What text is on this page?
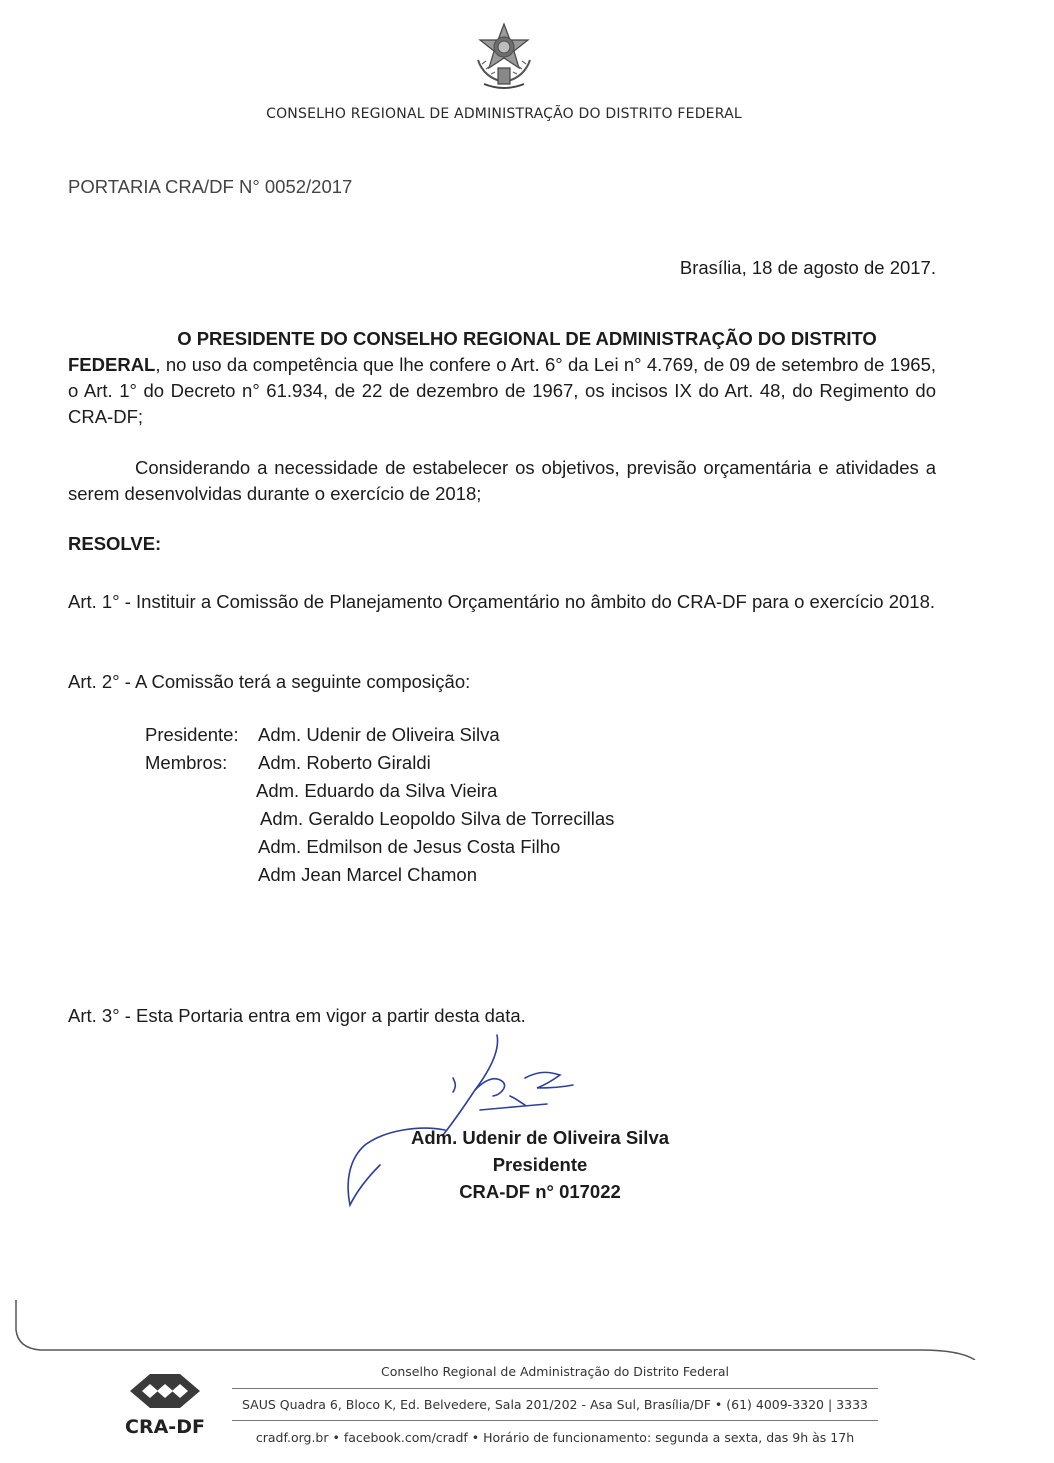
CONSELHO REGIONAL DE ADMINISTRAÇÃO DO DISTRITO FEDERAL
PORTARIA CRA/DF N° 0052/2017
Brasília, 18 de agosto de 2017.
O PRESIDENTE DO CONSELHO REGIONAL DE ADMINISTRAÇÃO DO DISTRITO
FEDERAL, no uso da competência que lhe confere o Art. 6° da Lei n° 4.769, de 09 de setembro de 1965, o Art. 1° do Decreto n° 61.934, de 22 de dezembro de 1967, os incisos IX do Art. 48, do Regimento do CRA-DF;
Considerando a necessidade de estabelecer os objetivos, previsão orçamentária e atividades a serem desenvolvidas durante o exercício de 2018;
RESOLVE:
Art. 1° - Instituir a Comissão de Planejamento Orçamentário no âmbito do CRA-DF para o exercício 2018.
Art. 2° - A Comissão terá a seguinte composição:
Presidente: Adm. Udenir de Oliveira Silva
Membros: Adm. Roberto Giraldi
Adm. Eduardo da Silva Vieira
Adm. Geraldo Leopoldo Silva de Torrecillas
Adm. Edmilson de Jesus Costa Filho
Adm Jean Marcel Chamon
Art. 3° - Esta Portaria entra em vigor a partir desta data.
Adm. Udenir de Oliveira Silva
Presidente
CRA-DF n° 017022
CRA-DF
Conselho Regional de Administração do Distrito Federal
SAUS Quadra 6, Bloco K, Ed. Belvedere, Sala 201/202 - Asa Sul, Brasília/DF • (61) 4009-3320 | 3333
cradf.org.br • facebook.com/cradf • Horário de funcionamento: segunda a sexta, das 9h às 17h
